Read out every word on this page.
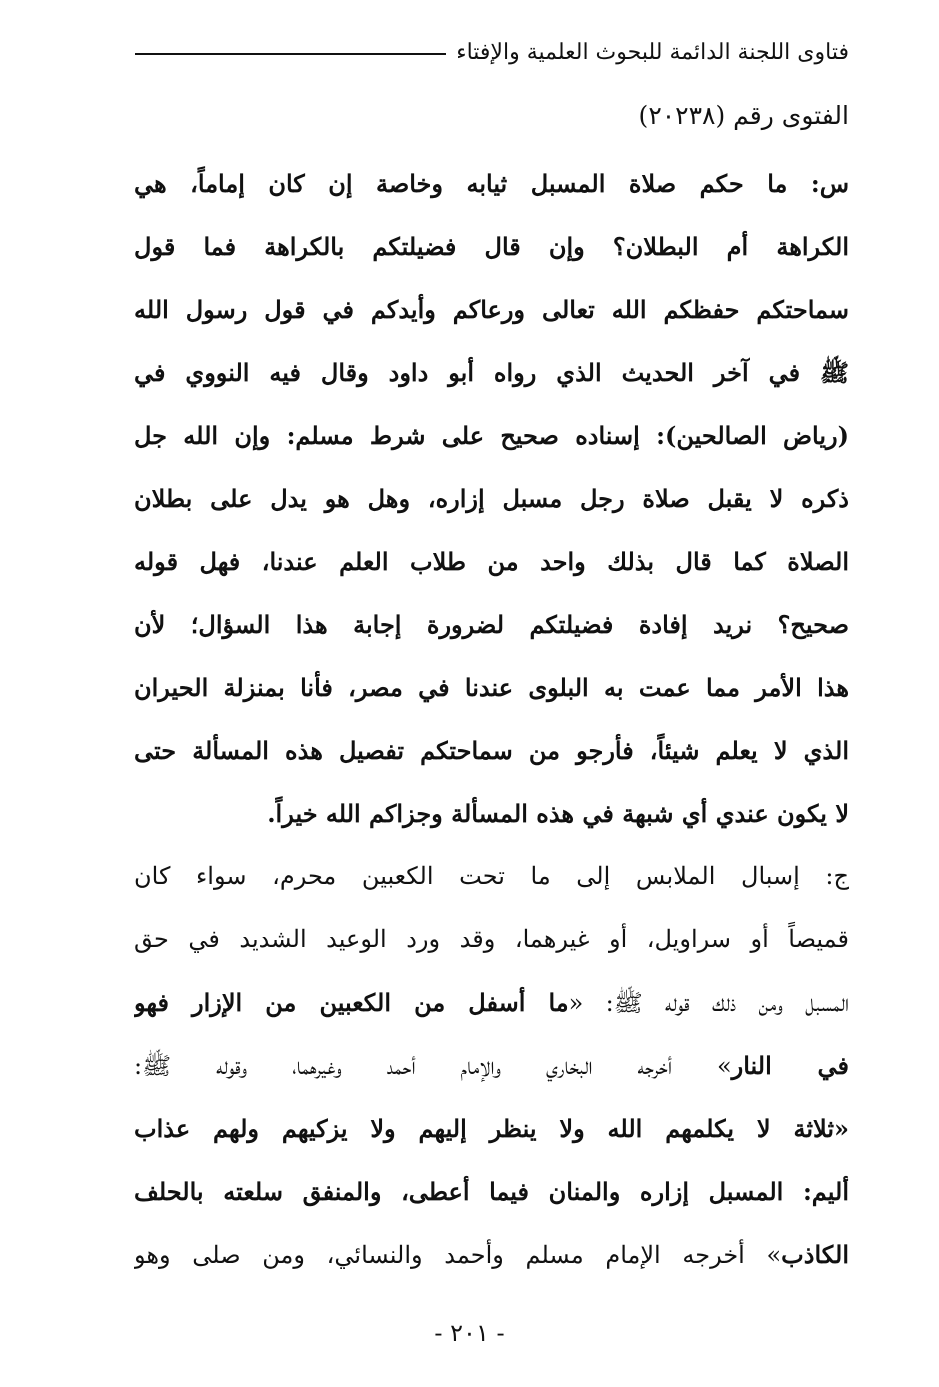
فتاوى اللجنة الدائمة للبحوث العلمية والإفتاء
الفتوى رقم (٢٠٢٣٨)
س: ما حكم صلاة المسبل ثيابه وخاصة إن كان إماماً، هي
الكراهة أم البطلان؟ وإن قال فضيلتكم بالكراهة فما قول
سماحتكم حفظكم الله تعالى ورعاكم وأيدكم في قول رسول الله
ﷺ في آخر الحديث الذي رواه أبو داود وقال فيه النووي في
(رياض الصالحين): إسناده صحيح على شرط مسلم: وإن الله جل
ذكره لا يقبل صلاة رجل مسبل إزاره، وهل هو يدل على بطلان
الصلاة كما قال بذلك واحد من طلاب العلم عندنا، فهل قوله
صحيح؟ نريد إفادة فضيلتكم لضرورة إجابة هذا السؤال؛ لأن
هذا الأمر مما عمت به البلوى عندنا في مصر، فأنا بمنزلة الحيران
الذي لا يعلم شيئاً، فأرجو من سماحتكم تفصيل هذه المسألة حتى
لا يكون عندي أي شبهة في هذه المسألة وجزاكم الله خيراً.
ج: إسبال الملابس إلى ما تحت الكعبين محرم، سواء كان
قميصاً أو سراويل، أو غيرهما، وقد ورد الوعيد الشديد في حق
المسبل ومن ذلك قوله ﷺ: «ما أسفل من الكعبين من الإزار فهو
في النار» أخرجه البخاري والإمام أحمد وغيرهما، وقوله ﷺ:
«ثلاثة لا يكلمهم الله ولا ينظر إليهم ولا يزكيهم ولهم عذاب
أليم: المسبل إزاره والمنان فيما أعطى، والمنفق سلعته بالحلف
الكاذب» أخرجه الإمام مسلم وأحمد والنسائي، ومن صلى وهو
- ٢٠١ -
